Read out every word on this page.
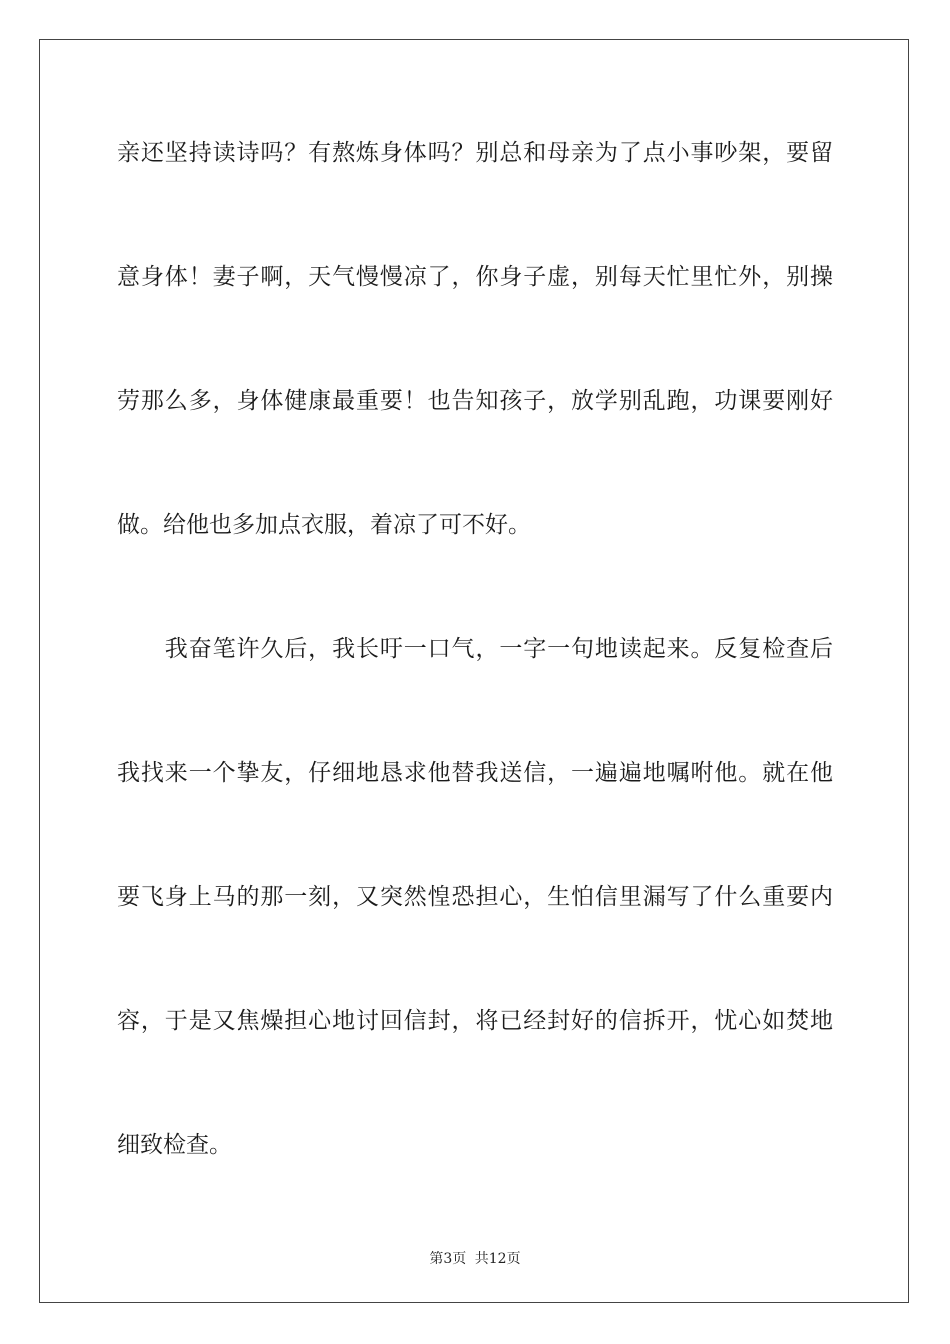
亲还坚持读诗吗？有熬炼身体吗？别总和母亲为了点小事吵架，要留

意身体！妻子啊，天气慢慢凉了，你身子虚，别每天忙里忙外，别操

劳那么多，身体健康最重要！也告知孩子，放学别乱跑，功课要刚好

做。给他也多加点衣服，着凉了可不好。

　　我奋笔许久后，我长吁一口气，一字一句地读起来。反复检查后

我找来一个挚友，仔细地恳求他替我送信，一遍遍地嘱咐他。就在他

要飞身上马的那一刻，又突然惶恐担心，生怕信里漏写了什么重要内

容，于是又焦燥担心地讨回信封，将已经封好的信拆开，忧心如焚地

细致检查。

第3页 共12页
